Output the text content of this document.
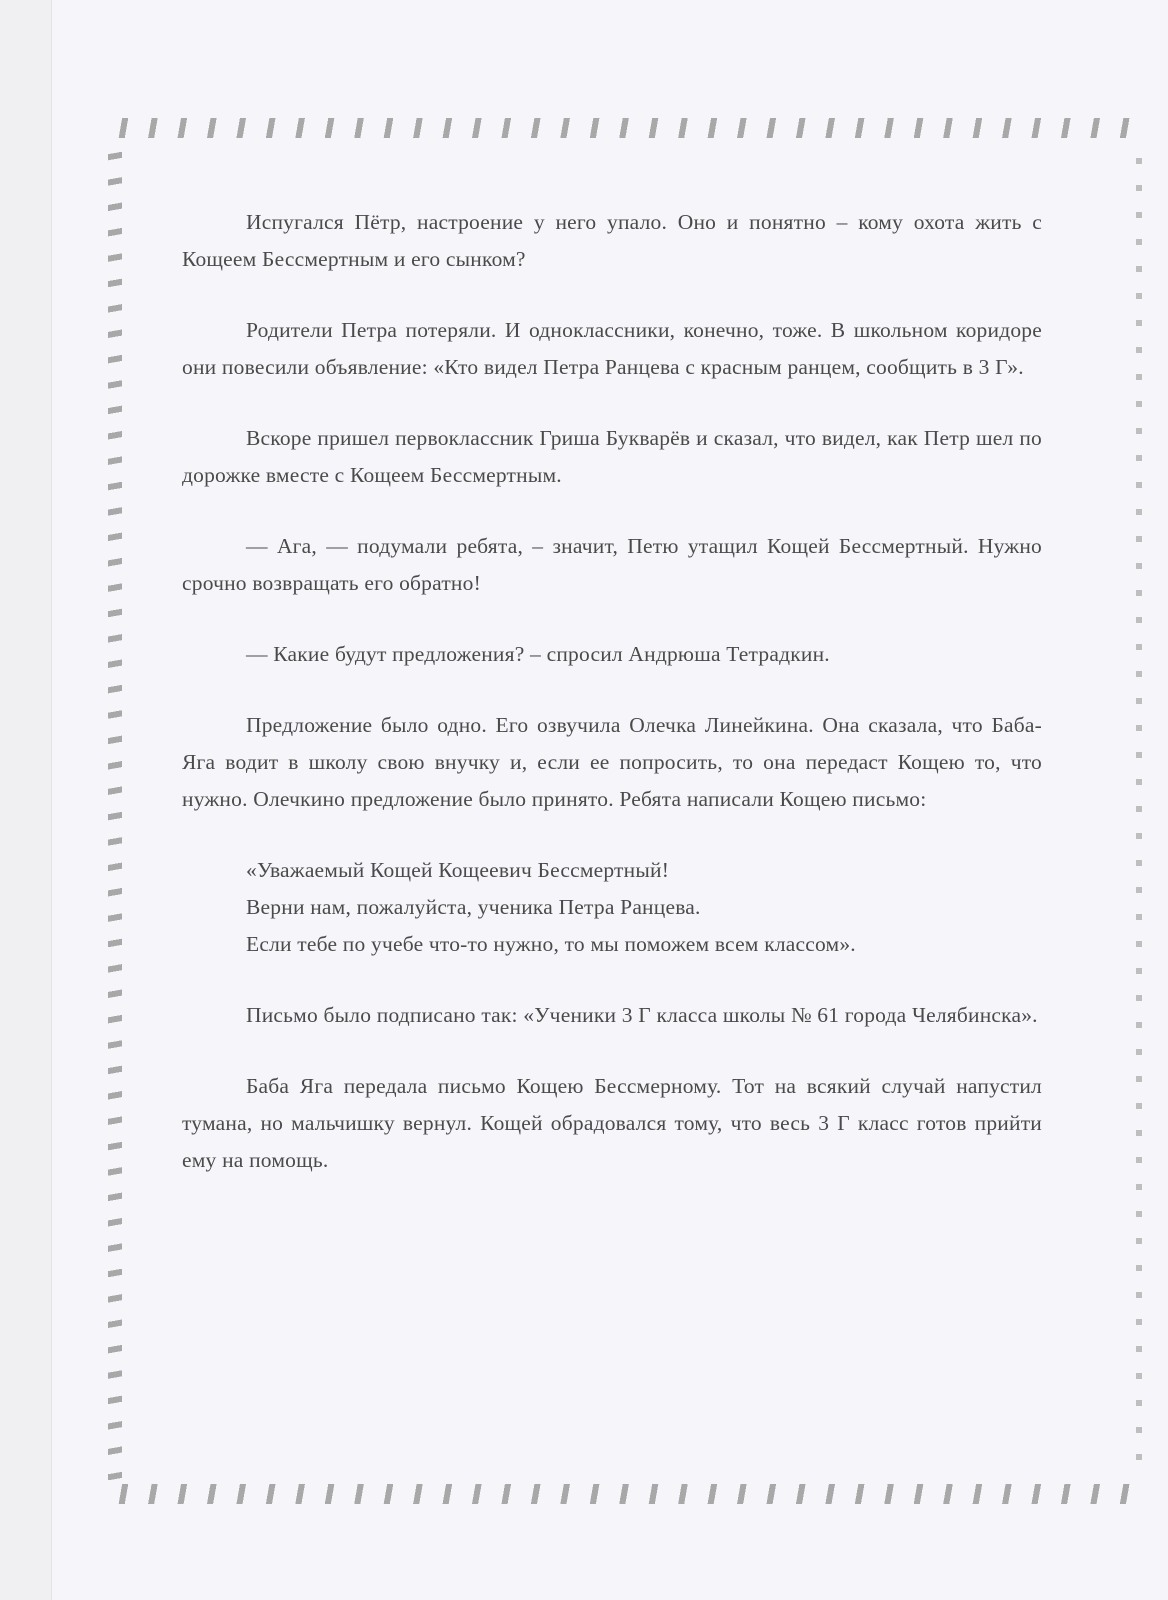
Испугался Пётр, настроение у него упало. Оно и понятно – кому охота жить с Кощеем Бессмертным и его сынком?

Родители Петра потеряли. И одноклассники, конечно, тоже. В школьном коридоре они повесили объявление: «Кто видел Петра Ранцева с красным ранцем, сообщить в 3 Г».

Вскоре пришел первоклассник Гриша Букварёв и сказал, что видел, как Петр шел по дорожке вместе с Кощеем Бессмертным.

— Ага, — подумали ребята, – значит, Петю утащил Кощей Бессмертный. Нужно срочно возвращать его обратно!

— Какие будут предложения? – спросил Андрюша Тетрадкин.

Предложение было одно. Его озвучила Олечка Линейкина. Она сказала, что Баба-Яга водит в школу свою внучку и, если ее попросить, то она передаст Кощею то, что нужно. Олечкино предложение было принято. Ребята написали Кощею письмо:

«Уважаемый Кощей Кощеевич Бессмертный!
Верни нам, пожалуйста, ученика Петра Ранцева.
Если тебе по учебе что-то нужно, то мы поможем всем классом».

Письмо было подписано так: «Ученики 3 Г класса школы № 61 города Челябинска».

Баба Яга передала письмо Кощею Бессмерному. Тот на всякий случай напустил тумана, но мальчишку вернул. Кощей обрадовался тому, что весь 3 Г класс готов прийти ему на помощь.
